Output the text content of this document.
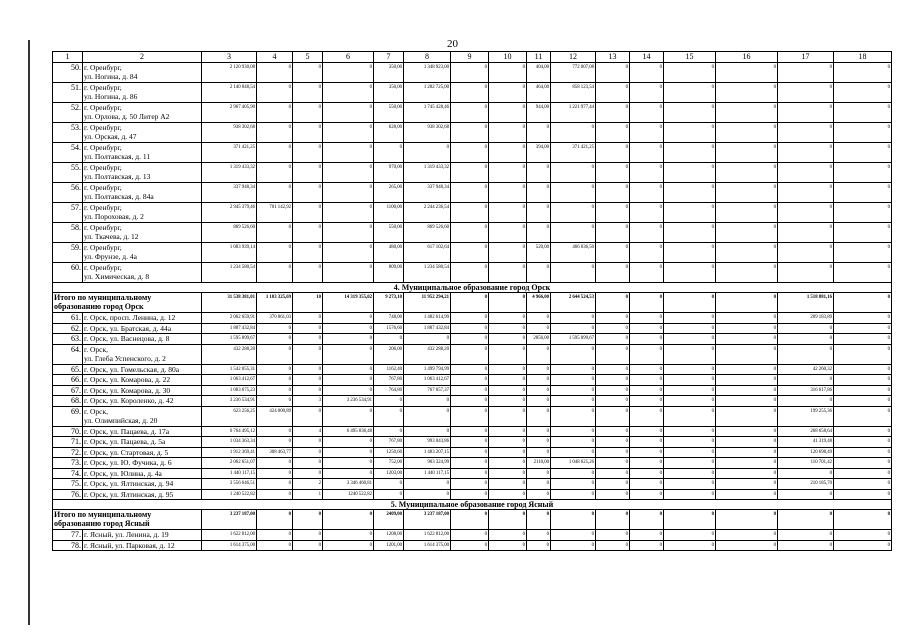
20
1	2	3	4	5	6	7	8	9	10	11	12	13	14	15	16	17	18
50.	г. Оренбург,
ул. Ногина, д. 84	2 120 930,08	0	0	0	350,00	1 348 923,00	0	0	404,00	772 007,08	0	0	0	0	0	0
51.	г. Оренбург,
ул. Ногина, д. 86	2 140 848,54	0	0	0	350,00	1 282 725,00	0	0	464,00	858 123,54	0	0	0	0	0	0
52.	г. Оренбург,
ул. Орлова, д. 50 Литер А2	2 967 405,90	0	0	0	550,00	1 745 428,46	0	0	944,00	1 221 977,44	0	0	0	0	0	0
53.	г. Оренбург,
ул. Орская, д. 47	938 302,68	0	0	0	628,00	938 302,68	0	0	0	0	0	0	0	0	0	0
54.	г. Оренбург,
ул. Полтавская, д. 11	371 421,25	0	0	0	0	0	0	0	394,00	371 421,25	0	0	0	0	0	0
55.	г. Оренбург,
ул. Полтавская, д. 13	1 319 433,32	0	0	0	970,00	1 319 433,32	0	0	0	0	0	0	0	0	0	0
56.	г. Оренбург,
ул. Полтавская, д. 84а	337 948,34	0	0	0	265,00	337 948,34	0	0	0	0	0	0	0	0	0	0
57.	г. Оренбург,
ул. Пороховая, д. 2	2 945 379,46	701 142,92	0	0	1100,00	2 244 236,54	0	0	0	0	0	0	0	0	0	0
58.	г. Оренбург,
ул. Ткачева, д. 12	869 526,60	0	0	0	550,00	869 526,60	0	0	0	0	0	0	0	0	0	0
59.	г. Оренбург,
ул. Фрунзе, д. 4а	1 083 939,14	0	0	0	480,00	617 102,64	0	0	520,00	466 836,50	0	0	0	0	0	0
60.	г. Оренбург,
ул. Химическая, д. 8	1 234 580,54	0	0	0	809,00	1 234 580,54	0	0	0	0	0	0	0	0	0	0
4. Муниципальное образование город Орск																	
Итого по муниципальному
образованию город Орск		31 538 381,01	1 103 325,69	10	14 319 355,02	9 273,10	11 952 294,21	0	0	4 966,00	2 644 524,53	0	0	0	0	1 518 881,16	0
61.	г. Орск, просп. Ленина, д. 12	2 062 659,91	370 861,03	0	0	748,00	1 482 614,99	0	0	0	0	0	0	0	0	209 183,89	0
62.	г. Орск, ул. Братская, д. 44а	1 887 432,84	0	0	0	1576,60	1 887 432,84	0	0	0	0	0	0	0	0	0	0
63.	г. Орск, ул. Васнецова, д. 8	1 595 899,67	0	0	0	0	0	0	0	2856,00	1 595 899,67	0	0	0	0	0	0
64.	г. Орск,
ул. Глеба Успенского, д. 2	432 288,20	0	0	0	206,00	432 288,20	0	0	0	0	0	0	0	0	0	0
65.	г. Орск, ул. Гомельская, д. 80а	1 542 055,31	0	0	0	1162,40	1 499 794,99	0	0	0	0	0	0	0	0	42 260,32	0
66.	г. Орск, ул. Комарова, д. 22	1 063 412,67	0	0	0	767,80	1 063 412,67	0	0	0	0	0	0	0	0	0	0
67.	г. Орск, ул. Комарова, д. 30	1 083 675,23	0	0	0	764,80	767 057,37	0	0	0	0	0	0	0	0	316 617,86	0
68.	г. Орск, ул. Короленко, д. 42	3 236 534,91	0	3	3 236 534,91	0	0	0	0	0	0	0	0	0	0	0	0
69.	г. Орск,
ул. Олимпийская, д. 20	623 256,25	424 000,89	0	0	0	0	0	0	0	0	0	0	0	0	199 255,36	0
70.	г. Орск, ул. Пацаева, д. 17а	6 764 495,12	0	4	6 495 836,48	0	0	0	0	0	0	0	0	0	0	268 658,64	0
71.	г. Орск, ул. Пацаева, д. 5а	1 034 363,34	0	0	0	767,80	993 043,86	0	0	0	0	0	0	0	0	41 319,48	0
72.	г. Орск, ул. Стартовая, д. 5	1 912 369,41	308 463,77	0	0	1250,60	1 483 207,15	0	0	0	0	0	0	0	0	120 698,49	0
73.	г. Орск, ул. Ю. Фучика, д. 6	2 062 651,07	0	0	0	752,00	903 324,99	0	0	2110,00	1 048 625,26	0	0	0	0	110 701,42	0
74.	г. Орск, ул. Юлина, д. 4а	1 440 117,15	0	0	0	1203,00	1 440 117,15	0	0	0	0	0	0	0	0	0	0
75.	г. Орск, ул. Ялтинская, д. 94	3 556 646,51	0	2	3 346 460,81	0	0	0	0	0	0	0	0	0	0	210 185,70	0
76.	г. Орск, ул. Ялтинская, д. 95	1 240 522,82	0	1	1240 522,82	0	0	0	0	0	0	0	0	0	0	0	0
5. Муниципальное образование город Ясный																	
Итого по муниципальному
образованию город Ясный		3 237 187,00	0	0	0	2409,00	3 237 187,00	0	0	0	0	0	0	0	0	0	0
77.	г. Ясный, ул. Ленина, д. 19	1 622 812,00	0	0	0	1208,00	1 622 812,00	0	0	0	0	0	0	0	0	0	0
78.	г. Ясный, ул. Парковая, д. 12	1 614 375,00	0	0	0	1201,00	1 614 375,00	0	0	0	0	0	0	0	0	0	0
